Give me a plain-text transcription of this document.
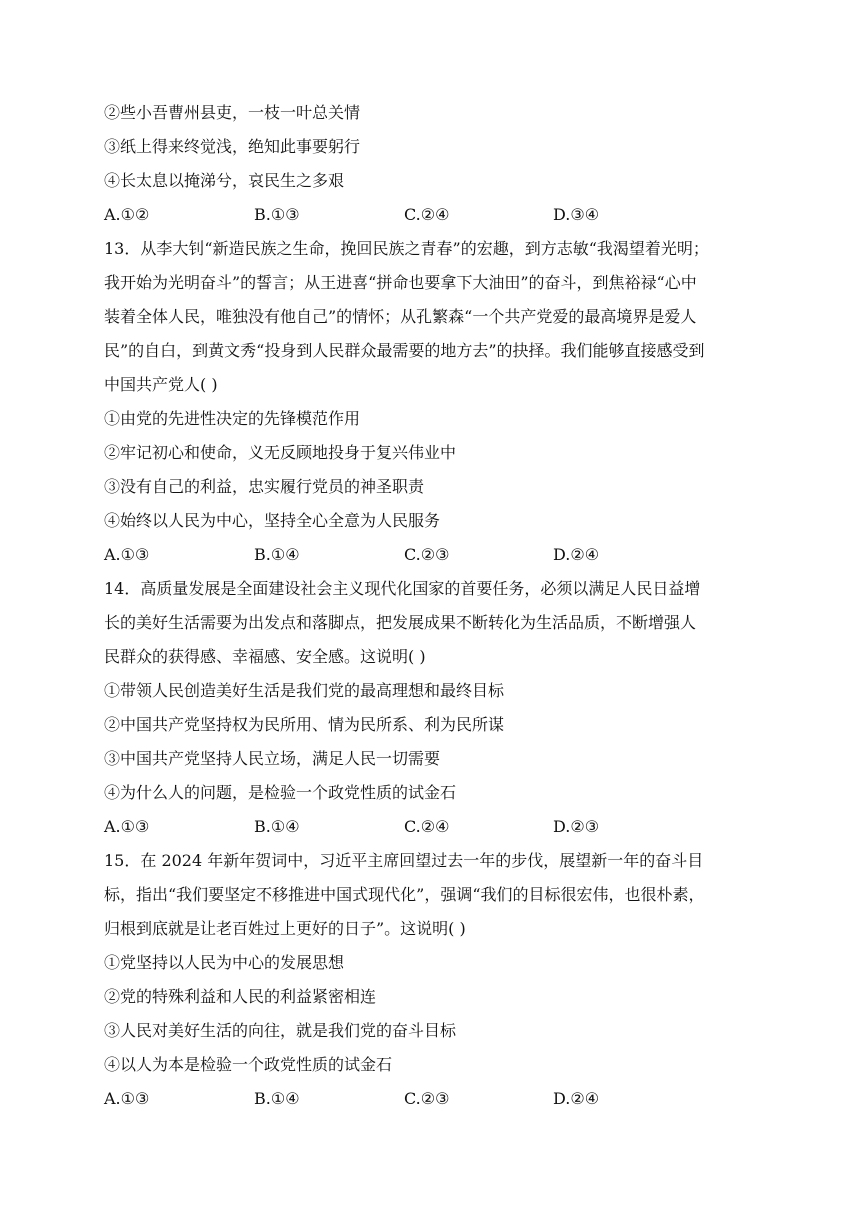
②些小吾曹州县吏，一枝一叶总关情
③纸上得来终觉浅，绝知此事要躬行
④长太息以掩涕兮，哀民生之多艰
A.①②	B.①③	C.②④	D.③④
13．从李大钊“新造民族之生命，挽回民族之青春”的宏趣，到方志敏“我渴望着光明；
我开始为光明奋斗”的誓言；从王进喜“拼命也要拿下大油田”的奋斗，到焦裕禄“心中
装着全体人民，唯独没有他自己”的情怀；从孔繁森“一个共产党爱的最高境界是爱人
民”的自白，到黄文秀“投身到人民群众最需要的地方去”的抉择。我们能够直接感受到
中国共产党人( )
①由党的先进性决定的先锋模范作用
②牢记初心和使命，义无反顾地投身于复兴伟业中
③没有自己的利益，忠实履行党员的神圣职责
④始终以人民为中心，坚持全心全意为人民服务
A.①③	B.①④	C.②③	D.②④
14．高质量发展是全面建设社会主义现代化国家的首要任务，必须以满足人民日益增
长的美好生活需要为出发点和落脚点，把发展成果不断转化为生活品质，不断增强人
民群众的获得感、幸福感、安全感。这说明( )
①带领人民创造美好生活是我们党的最高理想和最终目标
②中国共产党坚持权为民所用、情为民所系、利为民所谋
③中国共产党坚持人民立场，满足人民一切需要
④为什么人的问题，是检验一个政党性质的试金石
A.①③	B.①④	C.②④	D.②③
15．在 2024 年新年贺词中，习近平主席回望过去一年的步伐，展望新一年的奋斗目
标，指出“我们要坚定不移推进中国式现代化”，强调“我们的目标很宏伟，也很朴素，
归根到底就是让老百姓过上更好的日子”。这说明( )
①党坚持以人民为中心的发展思想
②党的特殊利益和人民的利益紧密相连
③人民对美好生活的向往，就是我们党的奋斗目标
④以人为本是检验一个政党性质的试金石
A.①③	B.①④	C.②③	D.②④
